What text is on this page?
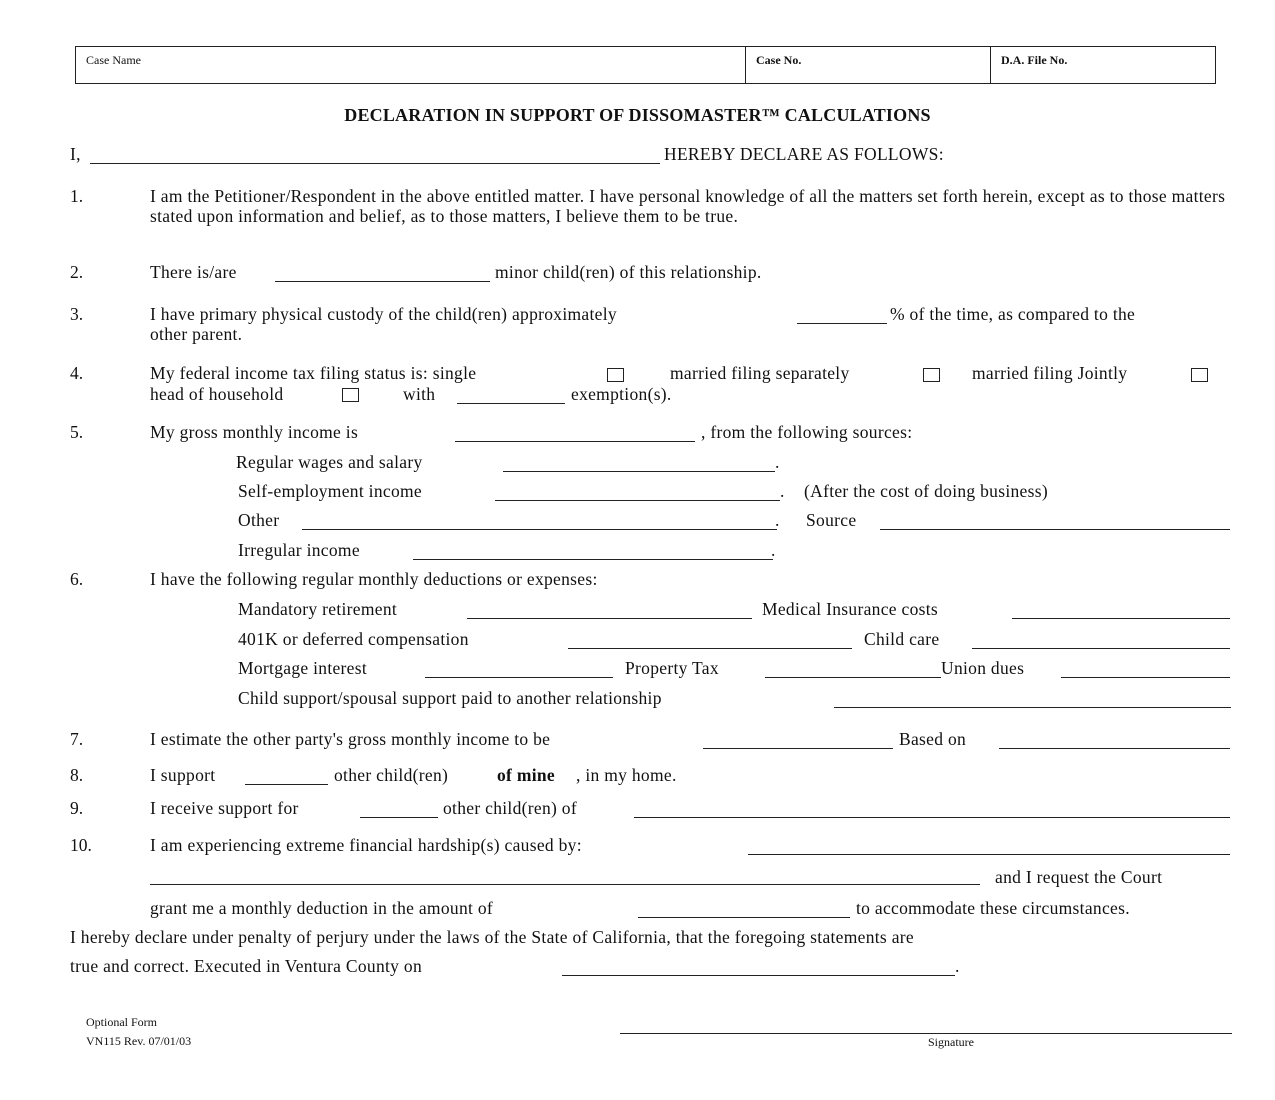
Case Name	Case No.	D.A. File No.
DECLARATION IN SUPPORT OF DISSOMASTER™ CALCULATIONS
I,	HEREBY DECLARE AS FOLLOWS:
1.	I am the Petitioner/Respondent in the above entitled matter. I have personal knowledge of all the matters set forth herein, except as to those matters stated upon information and belief, as to those matters, I believe them to be true.
2.	There is/are	minor child(ren) of this relationship.
3.	I have primary physical custody of the child(ren) approximately	% of the time, as compared to the
other parent.
4.	My federal income tax filing status is: single	married filing separately	married filing Jointly
head of household	with	exemption(s).
5.	My gross monthly income is	, from the following sources:
Regular wages and salary	.
Self-employment income	. (After the cost of doing business)
Other	. Source
Irregular income	.
6.	I have the following regular monthly deductions or expenses:
Mandatory retirement	Medical Insurance costs
401K or deferred compensation	Child care
Mortgage interest	Property Tax	Union dues
Child support/spousal support paid to another relationship
7.	I estimate the other party's gross monthly income to be	Based on
8.	I support	other child(ren)	of mine , in my home.
9.	I receive support for	other child(ren) of
10.	I am experiencing extreme financial hardship(s) caused by:
and I request the Court
grant me a monthly deduction in the amount of	to accommodate these circumstances.
I hereby declare under penalty of perjury under the laws of the State of California, that the foregoing statements are
true and correct. Executed in Ventura County on	.
Optional Form
VN115 Rev. 07/01/03	Signature
